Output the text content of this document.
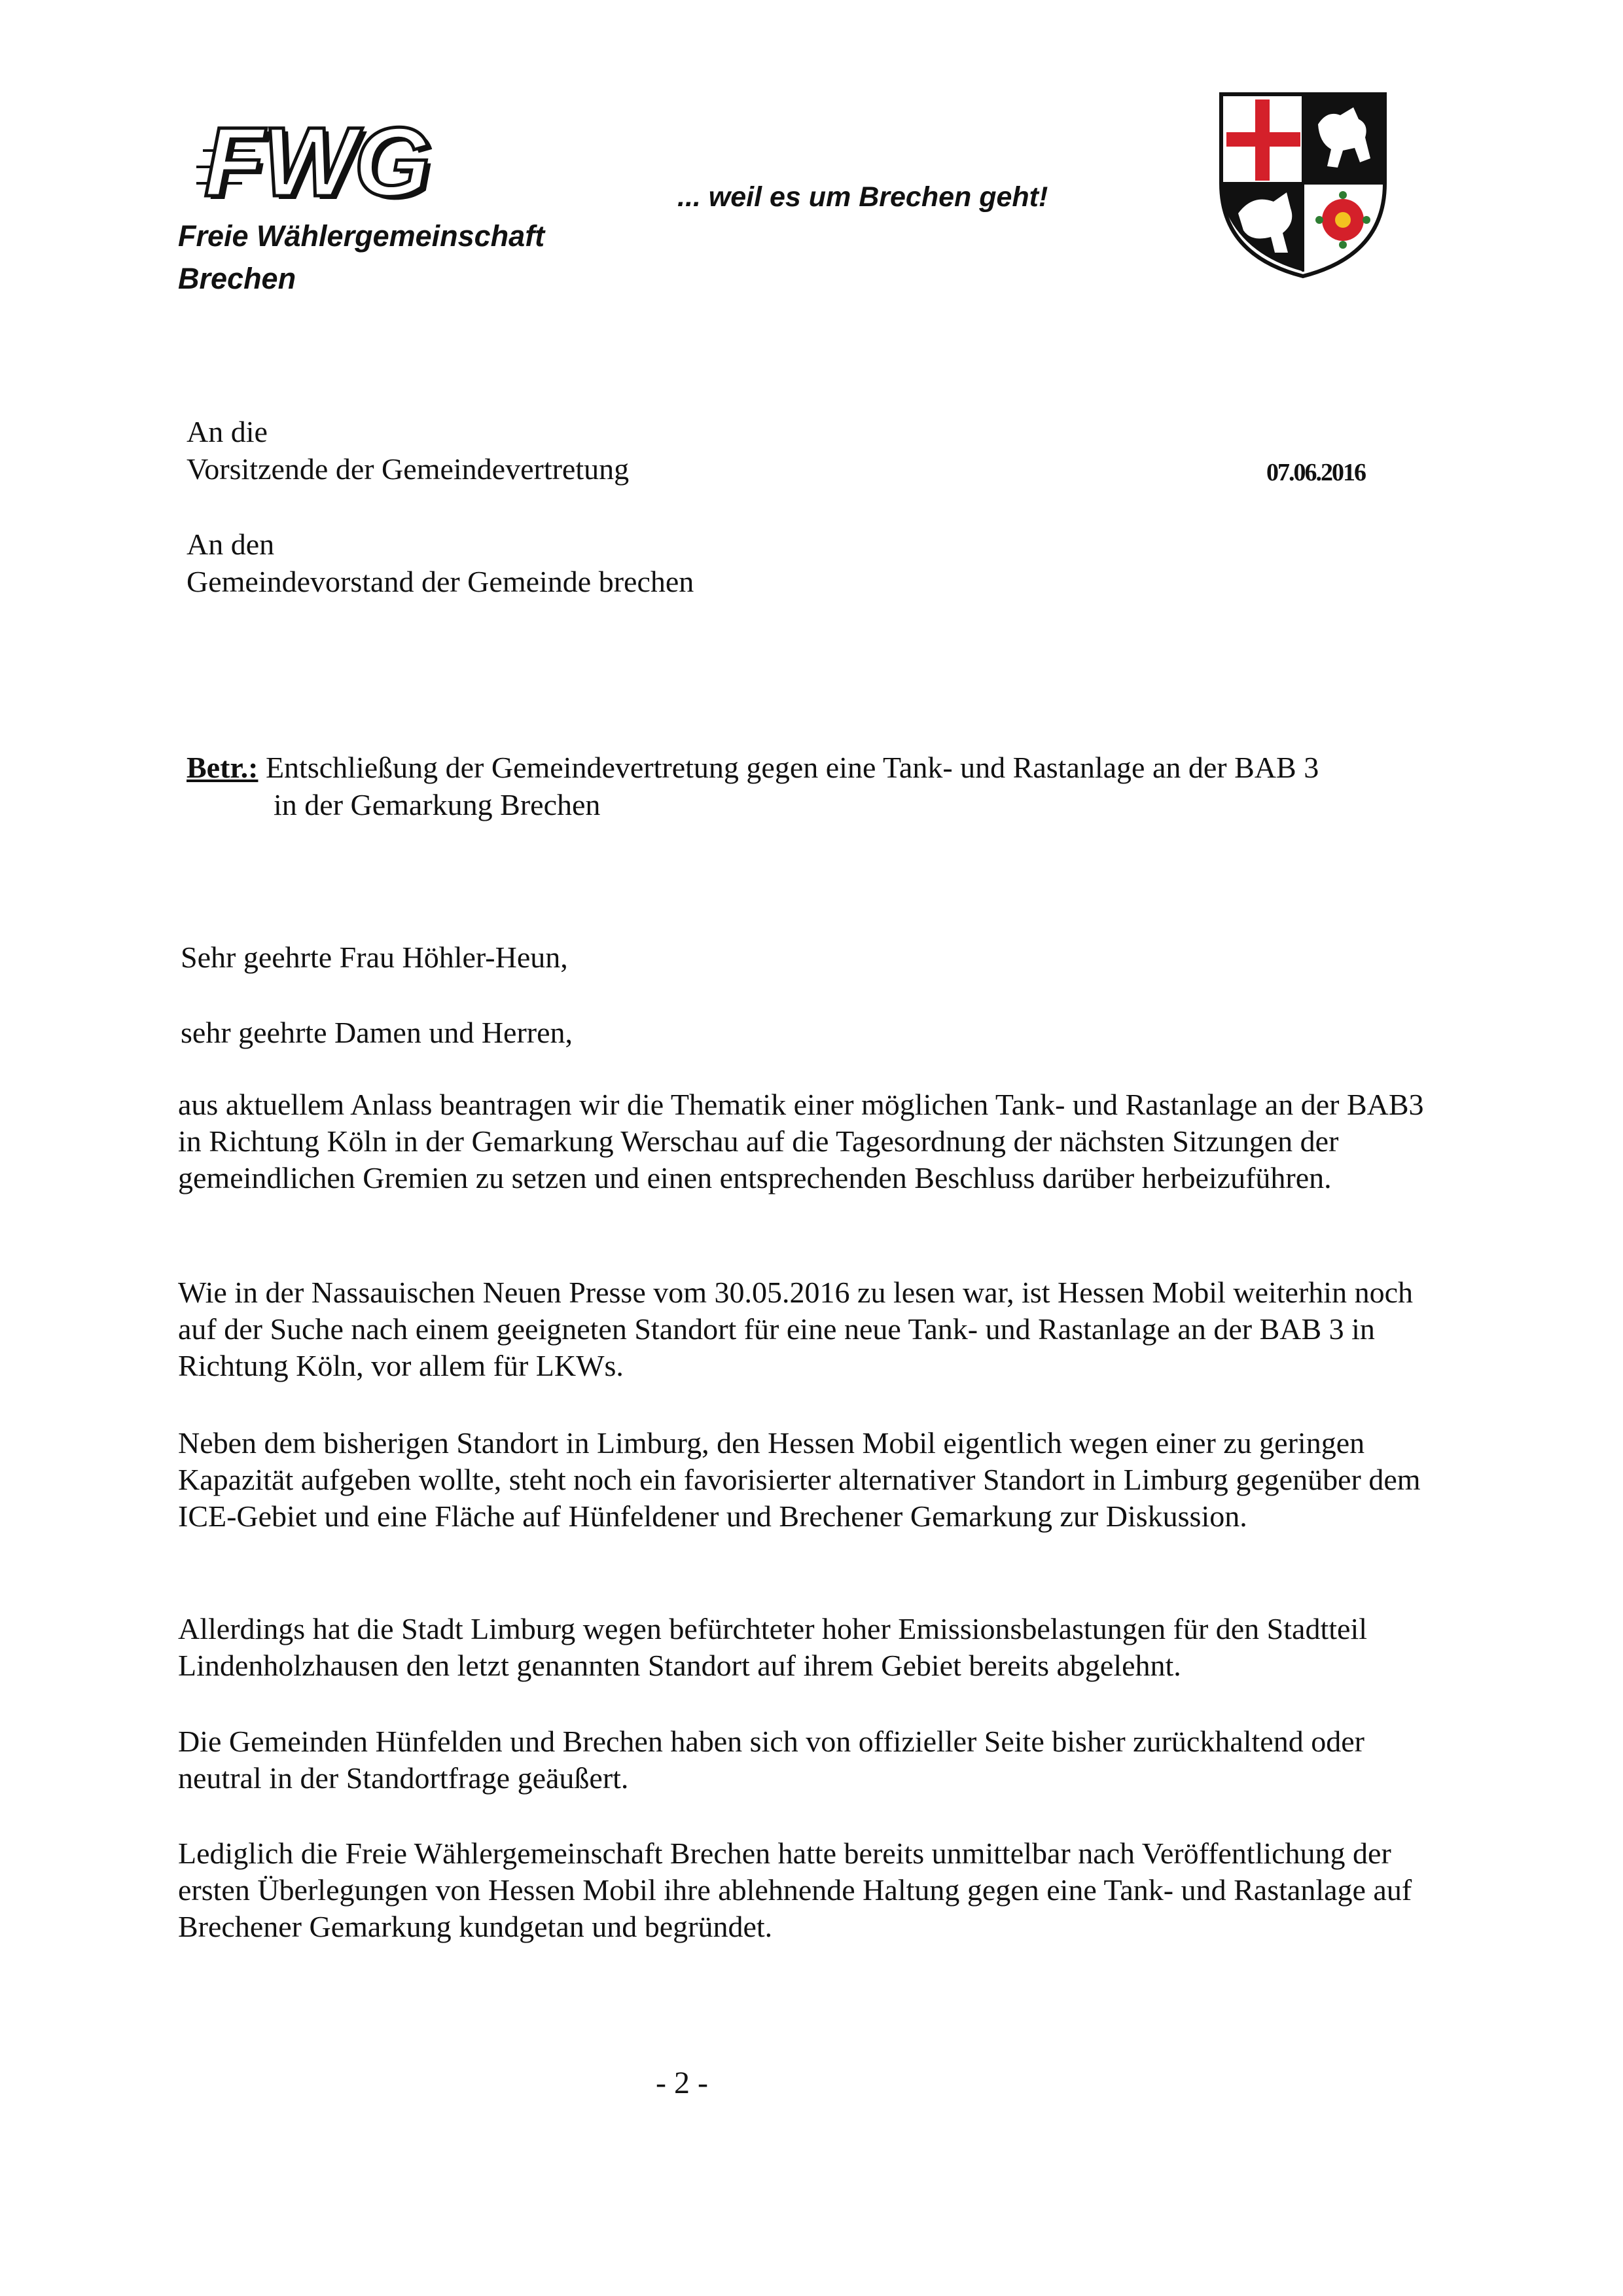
FWG
Freie Wählergemeinschaft
Brechen
... weil es um Brechen geht!
An die
Vorsitzende der Gemeindevertretung	07.06.2016
An den
Gemeindevorstand der Gemeinde brechen
Betr.: Entschließung der Gemeindevertretung gegen eine Tank- und Rastanlage an der BAB 3
in der Gemarkung Brechen
Sehr geehrte Frau Höhler-Heun,
sehr geehrte Damen und Herren,
aus aktuellem Anlass beantragen wir die Thematik einer möglichen Tank- und Rastanlage an der BAB3 in Richtung Köln in der Gemarkung Werschau auf die Tagesordnung der nächsten Sitzungen der gemeindlichen Gremien zu setzen und einen entsprechenden Beschluss darüber herbeizuführen.
Wie in der Nassauischen Neuen Presse vom 30.05.2016 zu lesen war, ist Hessen Mobil weiterhin noch auf der Suche nach einem geeigneten Standort für eine neue Tank- und Rastanlage an der BAB 3 in Richtung Köln, vor allem für LKWs.
Neben dem bisherigen Standort in Limburg, den Hessen Mobil eigentlich wegen einer zu geringen Kapazität aufgeben wollte, steht noch ein favorisierter alternativer Standort in Limburg gegenüber dem ICE-Gebiet und eine Fläche auf Hünfeldener und Brechener Gemarkung zur Diskussion.
Allerdings hat die Stadt Limburg wegen befürchteter hoher Emissionsbelastungen für den Stadtteil Lindenholzhausen den letzt genannten Standort auf ihrem Gebiet bereits abgelehnt.
Die Gemeinden Hünfelden und Brechen haben sich von offizieller Seite bisher zurückhaltend oder neutral in der Standortfrage geäußert.
Lediglich die Freie Wählergemeinschaft Brechen hatte bereits unmittelbar nach Veröffentlichung der ersten Überlegungen von Hessen Mobil ihre ablehnende Haltung gegen eine Tank- und Rastanlage auf Brechener Gemarkung kundgetan und begründet.
- 2 -
